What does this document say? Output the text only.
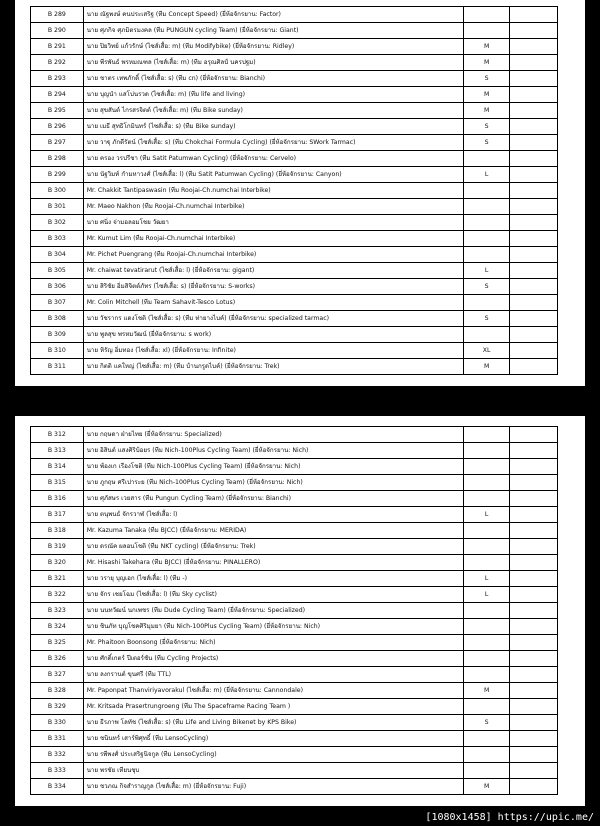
B 289	นาย ณัฐพงษ์ คนประเสริฐ (ทีม Concept Speed) (ยี่ห้อจักรยาน: Factor)		
B 290	นาย ศุภกิจ ศุภมิตรมงคล (ทีม PUNGUN cycling Team) (ยี่ห้อจักรยาน: Giant)		
B 291	นาย ปิยวิทย์ แก้วรักษ์ (ไซส์เสื้อ: m) (ทีม Modifybike) (ยี่ห้อจักรยาน: Ridley)	M	
B 292	นาย พีรพันธ์ พรหมณฑล (ไซส์เสื้อ: m) (ทีม อรุณศิลป์ นครปฐม)	M	
B 293	นาย ชาตร เทพภักดิ์ (ไซส์เสื้อ: s) (ทีม cn) (ยี่ห้อจักรยาน: Bianchi)	S	
B 294	นาย บุญนำ แสโบ่นรวด (ไซส์เสื้อ: m) (ทีม life and living)	M	
B 295	นาย สุขสันต์ ไกรสรจิตต์ (ไซส์เสื้อ: m) (ทีม Bike sunday)	M	
B 296	นาย เมธี สุทธิโกมินทร์ (ไซส์เสื้อ: s) (ทีม Bike sunday)	S	
B 297	นาย วาฐุ ภักดีรัตน์ (ไซส์เสื้อ: s) (ทีม Chokchai Formula Cycling) (ยี่ห้อจักรยาน: SWork Tarmac)	S	
B 298	นาย ครอง วรปรีชา (ทีม Satit Patumwan Cycling) (ยี่ห้อจักรยาน: Cervelo)		
B 299	นาย นัฐวิมท์ กำมหาวงศ์ (ไซส์เสื้อ: l) (ทีม Satit Patumwan Cycling) (ยี่ห้อจักรยาน: Canyon)	L	
B 300	Mr. Chakkit Tantipaswasin (ทีม Roojai-Ch.numchai Interbike)		
B 301	Mr. Maeo Nakhon (ทีม Roojai-Ch.numchai Interbike)		
B 302	นาย ศนิ่ง จ่ามอลอมโชย วัฒยา		
B 303	Mr. Kumut Lim (ทีม Roojai-Ch.numchai Interbike)		
B 304	Mr. Pichet Puengrang (ทีม Roojai-Ch.numchai Interbike)		
B 305	Mr. chaiwat tevatirarut (ไซส์เสื้อ: l) (ยี่ห้อจักรยาน: gigant)	L	
B 306	นาย สิริชัย อิ่มสิจิตต์ภัทร (ไซส์เสื้อ: s) (ยี่ห้อจักรยาน: S-works)	S	
B 307	Mr. Colin Mitchell (ทีม Team Sahavit-Tesco Lotus)		
B 308	นาย วัชรากร แดงโชติ (ไซส์เสื้อ: s) (ทีม ท่ายางไบค์) (ยี่ห้อจักรยาน: specialized tarmac)	S	
B 309	นาย พูลสุข พรหมวัฒน์ (ยี่ห้อจักรยาน: s work)		
B 310	นาย หิรัญ อิ่มทอง (ไซส์เสื้อ: xl) (ยี่ห้อจักรยาน: Infinite)	XL	
B 311	นาย กิตติ แคใหญ่ (ไซส์เสื้อ: m) (ทีม บ้านกรูดไบค์) (ยี่ห้อจักรยาน: Trek)	M	
B 312	นาย กฤษดา ฝ่ายไทย (ยี่ห้อจักรยาน: Specialized)		
B 313	นาย อิสินต์ แสงศิริบ้อยร (ทีม Nich-100Plus Cycling Team) (ยี่ห้อจักรยาน: Nich)		
B 314	นาย พ้องเก เรืองโชติ (ทีม Nich-100Plus Cycling Team) (ยี่ห้อจักรยาน: Nich)		
B 315	นาย ภูกฤษ ศรีเปาระย (ทีม Nich-100Plus Cycling Team) (ยี่ห้อจักรยาน: Nich)		
B 316	นาย ศุภัสษร เวยสาร (ทีม Pungun Cycling Team) (ยี่ห้อจักรยาน: Bianchi)		
B 317	นาย ตนุพนธ์ จักรวาฬ (ไซส์เสื้อ: l)	L	
B 318	Mr. Kazuma Tanaka (ทีม BJCC) (ยี่ห้อจักรยาน: MERIDA)		
B 319	นาย ดรณัค ผลอนโชติ (ทีม NKT cycling) (ยี่ห้อจักรยาน: Trek)		
B 320	Mr. Hisashi Takehara (ทีม BJCC) (ยี่ห้อจักรยาน: PINALLERO)		
B 321	นาย วรายุ บุญเอก (ไซส์เสื้อ: l) (ทีม -)	L	
B 322	นาย จักร เชยโฉม (ไซส์เสื้อ: l) (ทีม Sky cyclist)	L	
B 323	นาย นนทวัฒน์ นกเพชร (ทีม Dude Cycling Team) (ยี่ห้อจักรยาน: Specialized)		
B 324	นาย ชินภัท บุญโชคศิริมุมยา (ทีม Nich-100Plus Cycling Team) (ยี่ห้อจักรยาน: Nich)		
B 325	Mr. Phaitoon Boonsong (ยี่ห้อจักรยาน: Nich)		
B 326	นาย ศักดิ์เกตร์ ปีเตอร์ชัน (ทีม Cycling Projects)		
B 327	นาย ลงกรานต์ ขุนศรี (ทีม TTL)		
B 328	Mr. Paponpat Thanviriyavorakul (ไซส์เสื้อ: m) (ยี่ห้อจักรยาน: Cannondale)	M	
B 329	Mr. Kritsada Prasertrungroeng (ทีม The Spaceframe Racing Team )		
B 330	นาย ธีรภาพ โลทัช (ไซส์เสื้อ: s) (ทีม Life and Living Bikenet by KPS Bike)	S	
B 331	นาย ชนินทร์ เสาร์พิศุทธิ์ (ทีม LensoCycling)		
B 332	นาย รพีพงศ์ ประเสริฐนิจกูล (ทีม LensoCycling)		
B 333	นาย พรชัย เทียนชุบ		
B 334	นาย ชวภณ กิจสำราญกูล (ไซส์เสื้อ: m) (ยี่ห้อจักรยาน: Fuji)	M	
[1080x1458] https://upic.me/
